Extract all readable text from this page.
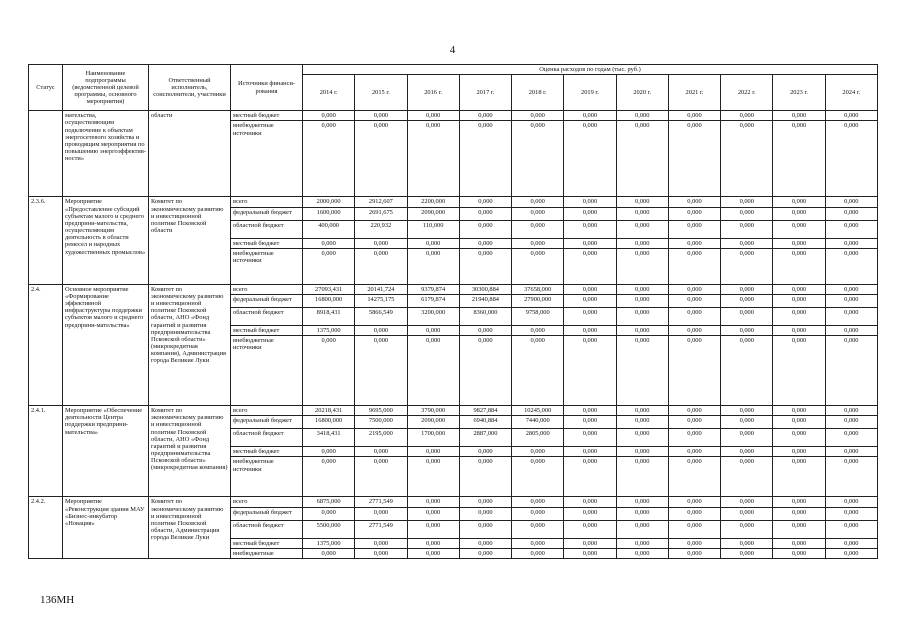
4
Статус	Наименование подпрограммы (ведомственной целевой программы, основного мероприятия)	Ответственный исполнитель, соисполнители, участники	Источники финанси-рования	Оценка расходов по годам (тыс. руб.)										
				2014 г.	2015 г.	2016 г.	2017 г.	2018 г.	2019 г.	2020 г.	2021 г.	2022 г.	2023 г.	2024 г.
	мательства, осуществляющим подключение к объектам энергосетевого хозяйства и проводящим мероприятия по повышению энергоэффектив-ности»	области	местный бюджет	0,000	0,000	0,000	0,000	0,000	0,000	0,000	0,000	0,000	0,000	0,000
			внебюджетные источники	0,000	0,000	0,000	0,000	0,000	0,000	0,000	0,000	0,000	0,000	0,000
2.3.6.	Мероприятие «Предоставление субсидий субъектам малого и среднего предприни-мательства, осуществляющим деятельность в области ремесел и народных художественных промыслов»	Комитет по экономическому развитию и инвестиционной политике Псковской области	всего	2000,000	2912,607	2200,000	0,000	0,000	0,000	0,000	0,000	0,000	0,000	0,000
			федеральный бюджет	1600,000	2691,675	2090,000	0,000	0,000	0,000	0,000	0,000	0,000	0,000	0,000
			областной бюджет	400,000	220,932	110,000	0,000	0,000	0,000	0,000	0,000	0,000	0,000	0,000
			местный бюджет	0,000	0,000	0,000	0,000	0,000	0,000	0,000	0,000	0,000	0,000	0,000
			внебюджетные источники	0,000	0,000	0,000	0,000	0,000	0,000	0,000	0,000	0,000	0,000	0,000
2.4.	Основное мероприятие «Формирование эффективной инфраструктуры поддержки субъектов малого и среднего предприни-мательства»	Комитет по экономическому развитию и инвестиционной политике Псковской области, АНО «Фонд гарантий и развития предпринимательства Псковской области» (микрокредитная компания), Администрация города Великие Луки	всего	27093,431	20141,724	9379,874	30300,884	37658,000	0,000	0,000	0,000	0,000	0,000	0,000
			федеральный бюджет	16800,000	14275,175	6179,874	21940,884	27900,000	0,000	0,000	0,000	0,000	0,000	0,000
			областной бюджет	8918,431	5866,549	3200,000	8360,000	9758,000	0,000	0,000	0,000	0,000	0,000	0,000
			местный бюджет	1375,000	0,000	0,000	0,000	0,000	0,000	0,000	0,000	0,000	0,000	0,000
			внебюджетные источники	0,000	0,000	0,000	0,000	0,000	0,000	0,000	0,000	0,000	0,000	0,000
2.4.1.	Мероприятие «Обеспечение деятельности Центра поддержки предприни-мательства»	Комитет по экономическому развитию и инвестиционной политике Псковской области, АНО «Фонд гарантий и развития предпринимательства Псковской области» (микрокредитная компания)	всего	20218,431	9695,000	3790,000	9827,884	10245,000	0,000	0,000	0,000	0,000	0,000	0,000
			федеральный бюджет	16800,000	7500,000	2090,000	6940,884	7440,000	0,000	0,000	0,000	0,000	0,000	0,000
			областной бюджет	3418,431	2195,000	1700,000	2887,000	2805,000	0,000	0,000	0,000	0,000	0,000	0,000
			местный бюджет	0,000	0,000	0,000	0,000	0,000	0,000	0,000	0,000	0,000	0,000	0,000
			внебюджетные источники	0,000	0,000	0,000	0,000	0,000	0,000	0,000	0,000	0,000	0,000	0,000
2.4.2.	Мероприятие «Реконструкция здания МАУ «Бизнес-инкубатор «Новация»	Комитет по экономическому развитию и инвестиционной политике Псковской области, Администрация города Великие Луки	всего	6875,000	2771,549	0,000	0,000	0,000	0,000	0,000	0,000	0,000	0,000	0,000
			федеральный бюджет	0,000	0,000	0,000	0,000	0,000	0,000	0,000	0,000	0,000	0,000	0,000
			областной бюджет	5500,000	2771,549	0,000	0,000	0,000	0,000	0,000	0,000	0,000	0,000	0,000
			местный бюджет	1375,000	0,000	0,000	0,000	0,000	0,000	0,000	0,000	0,000	0,000	0,000
			внебюджетные	0,000	0,000	0,000	0,000	0,000	0,000	0,000	0,000	0,000	0,000	0,000
136МН
